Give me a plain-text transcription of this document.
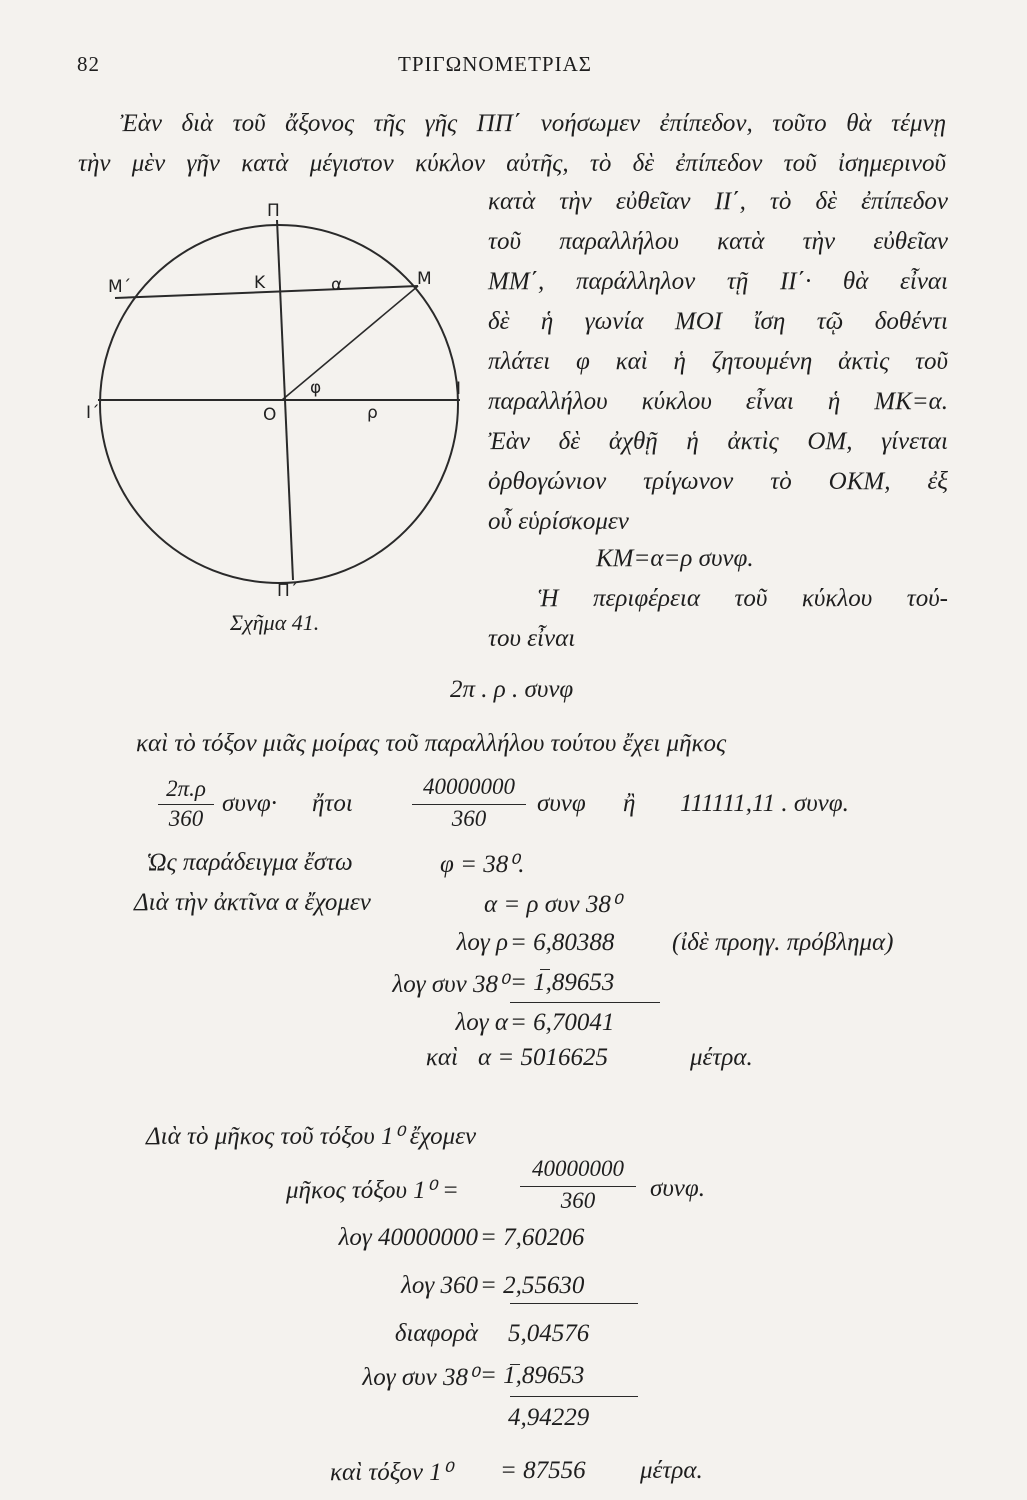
82	ΤΡΙΓΩΝΟΜΕΤΡΙΑΣ
Ἐὰν διὰ τοῦ ἄξονος τῆς γῆς ΠΠ΄ νοήσωμεν ἐπίπεδον, τοῦτο θὰ τέμνῃ
τὴν μὲν γῆν κατὰ μέγιστον κύκλον αὐτῆς, τὸ δὲ ἐπίπεδον τοῦ ἰσημερινοῦ
Π
Π΄
Μ΄	Μ
Κ	α
Ι΄
Ι
Ο
φ
ρ
Σχῆμα 41.
κατὰ τὴν εὐθεῖαν ΙΙ΄, τὸ δὲ ἐπίπεδον
τοῦ παραλλήλου κατὰ τὴν εὐθεῖαν
ΜΜ΄, παράλληλον τῇ ΙΙ΄· θὰ εἶναι
δὲ ἡ γωνία ΜΟΙ ἴση τῷ δοθέντι
πλάτει φ καὶ ἡ ζητουμένη ἀκτὶς τοῦ
παραλλήλου κύκλου εἶναι ἡ ΜΚ=α.
Ἐὰν δὲ ἀχθῇ ἡ ἀκτὶς ΟΜ, γίνεται
ὀρθογώνιον τρίγωνον τὸ ΟΚΜ, ἐξ
οὗ εὑρίσκομεν
ΚΜ=α=ρ συνφ.
Ἡ περιφέρεια τοῦ κύκλου τού-
του εἶναι
2π . ρ . συνφ
καὶ τὸ τόξον μιᾶς μοίρας τοῦ παραλλήλου τούτου ἔχει μῆκος
2π.ρ
360
συνφ· ἤτοι
40000000
360
συνφ ἢ 111111,11 . συνφ.
Ὡς παράδειγμα ἔστω	φ = 38⁰.
Διὰ τὴν ἀκτῖνα α ἔχομεν	α = ρ συν 38⁰
λογ ρ = 6,80388 (ἰδὲ προηγ. πρόβλημα)
λογ συν 38⁰ = 1,89653
λογ α = 6,70041
καὶ α = 5016625	μέτρα.
Διὰ τὸ μῆκος τοῦ τόξου 1⁰ ἔχομεν
μῆκος τόξου 1⁰ =
40000000
360	συνφ.
λογ 40000000 = 7,60206
λογ 360 = 2,55630
διαφορὰ 5,04576
λογ συν 38⁰ = 1,89653
4,94229
καὶ τόξον 1⁰ = 87556 μέτρα.
